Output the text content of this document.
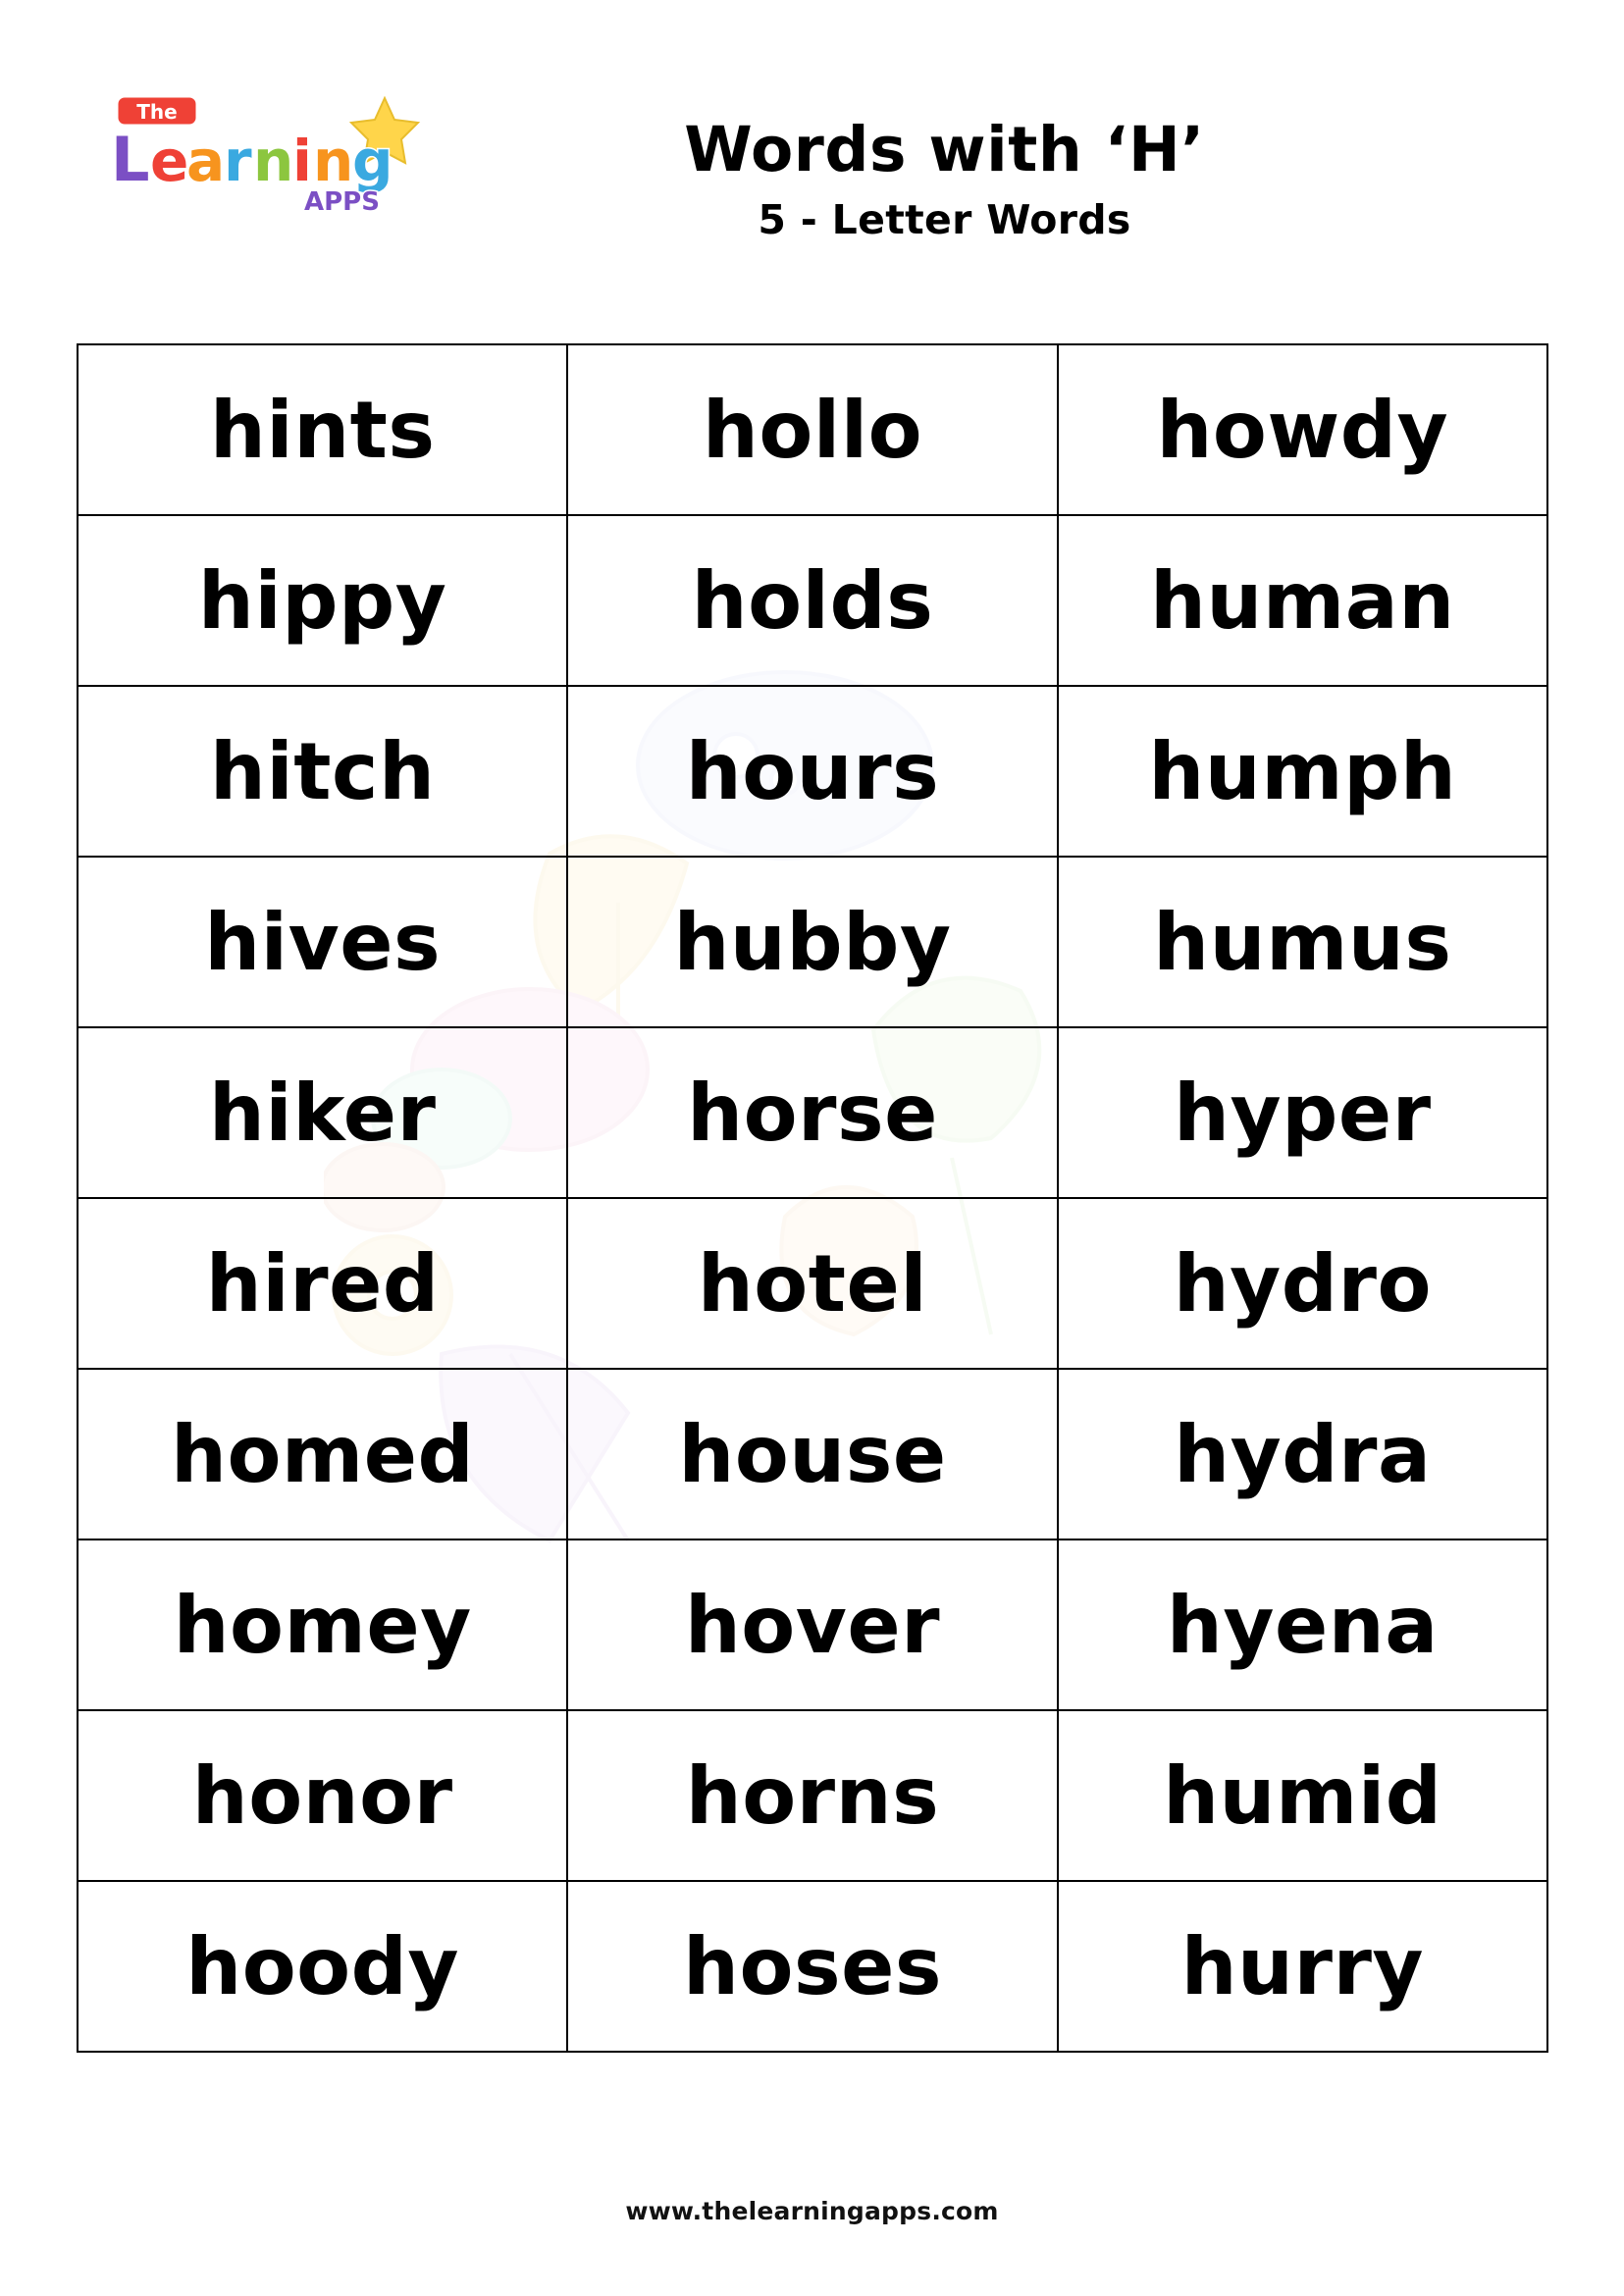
The
L e
a
r n
i n
g
APPS
Words with ‘H’
5 - Letter Words
hints	hollo	howdy
hippy	holds	human
hitch	hours	humph
hives	hubby	humus
hiker	horse	hyper
hired	hotel	hydro
homed	house	hydra
homey	hover	hyena
honor	horns	humid
hoody	hoses	hurry
www.thelearningapps.com
